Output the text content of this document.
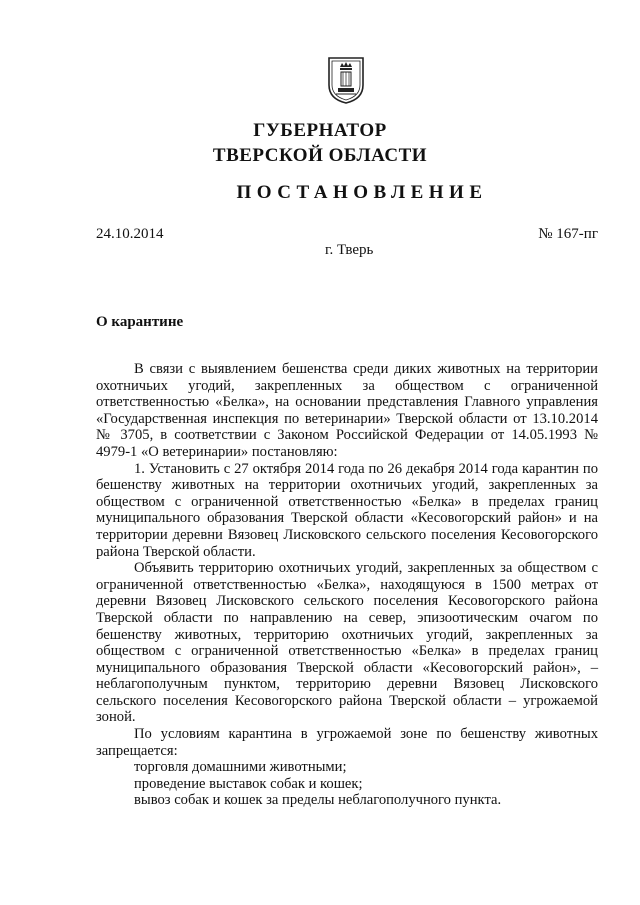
ГУБЕРНАТОР
ТВЕРСКОЙ ОБЛАСТИ
ПОСТАНОВЛЕНИЕ
24.10.2014	№ 167-пг
г. Тверь
О карантине

В связи с выявлением бешенства среди диких животных на территории охотничьих угодий, закрепленных за обществом с ограниченной ответственностью «Белка», на основании представления Главного управления «Государственная инспекция по ветеринарии» Тверской области от 13.10.2014 № 3705, в соответствии с Законом Российской Федерации от 14.05.1993 № 4979-1 «О ветеринарии» постановляю:

1. Установить с 27 октября 2014 года по 26 декабря 2014 года карантин по бешенству животных на территории охотничьих угодий, закрепленных за обществом с ограниченной ответственностью «Белка» в пределах границ муниципального образования Тверской области «Кесовогорский район» и на территории деревни Вязовец Лисковского сельского поселения Кесовогорского района Тверской области.

Объявить территорию охотничьих угодий, закрепленных за обществом с ограниченной ответственностью «Белка», находящуюся в 1500 метрах от деревни Вязовец Лисковского сельского поселения Кесовогорского района Тверской области по направлению на север, эпизоотическим очагом по бешенству животных, территорию охотничьих угодий, закрепленных за обществом с ограниченной ответственностью «Белка» в пределах границ муниципального образования Тверской области «Кесовогорский район», – неблагополучным пунктом, территорию деревни Вязовец Лисковского сельского поселения Кесовогорского района Тверской области – угрожаемой зоной.

По условиям карантина в угрожаемой зоне по бешенству животных запрещается:

торговля домашними животными;

проведение выставок собак и кошек;

вывоз собак и кошек за пределы неблагополучного пункта.
